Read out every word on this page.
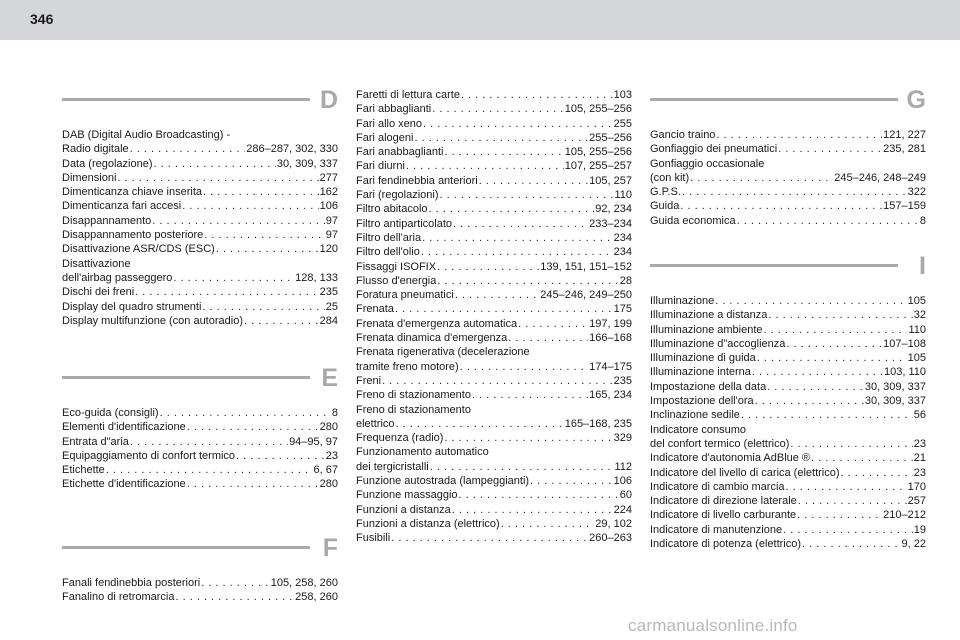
346
D
DAB (Digital Audio Broadcasting) -
Radio digitale . . .	286–287, 302, 330
Data (regolazione) . . .	30, 309, 337
Dimensioni . . .	277
Dimenticanza chiave inserita . . .	162
Dimenticanza fari accesi . . .	106
Disappannamento . . .	97
Disappannamento posteriore . . .	97
Disattivazione ASR/CDS (ESC) . . .	120
Disattivazione
dell'airbag passeggero . . .	128, 133
Dischi dei freni . . .	235
Display del quadro strumenti . . .	25
Display multifunzione (con autoradio) . . .	284
E
Eco-guida (consigli) . . .	8
Elementi d'identificazione . . .	280
Entrata d"aria . . .	94–95, 97
Equipaggiamento di confort termico . . .	23
Etichette . . .	6, 67
Etichette d'identificazione . . .	280
F
Fanali fendinebbia posteriori . . .	105, 258, 260
Fanalino di retromarcia . . .	258, 260
Faretti di lettura carte . . .	103
Fari abbaglianti . . .	105, 255–256
Fari allo xeno . . .	255
Fari alogeni . . .	255–256
Fari anabbaglianti . . .	105, 255–256
Fari diurni . . .	107, 255–257
Fari fendinebbia anteriori . . .	105, 257
Fari (regolazioni) . . .	110
Filtro abitacolo . . .	92, 234
Filtro antiparticolato . . .	233–234
Filtro dell'aria . . .	234
Filtro dell'olio . . .	234
Fissaggi ISOFIX . . .	139, 151, 151–152
Flusso d'energia . . .	28
Foratura pneumatici . . .	245–246, 249–250
Frenata . . .	175
Frenata d'emergenza automatica . . .	197, 199
Frenata dinamica d'emergenza . . .	166–168
Frenata rigenerativa (decelerazione
tramite freno motore) . . .	174–175
Freni . . .	235
Freno di stazionamento . . .	165, 234
Freno di stazionamento
elettrico . . .	165–168, 235
Frequenza (radio) . . .	329
Funzionamento automatico
dei tergicristalli . . .	112
Funzione autostrada (lampeggianti) . . .	106
Funzione massaggio . . .	60
Funzioni a distanza . . .	224
Funzioni a distanza (elettrico) . . .	29, 102
Fusibili . . .	260–263
G
Gancio traino . . .	121, 227
Gonfiaggio dei pneumatici . . .	235, 281
Gonfiaggio occasionale
(con kit) . . .	245–246, 248–249
G.P.S. . . .	322
Guida . . .	157–159
Guida economica . . .	8
I
Illuminazione . . .	105
Illuminazione a distanza . . .	32
Illuminazione ambiente . . .	110
Illuminazione d"accoglienza . . .	107–108
Illuminazione di guida . . .	105
Illuminazione interna . . .	103, 110
Impostazione della data . . .	30, 309, 337
Impostazione dell'ora . . .	30, 309, 337
Inclinazione sedile . . .	56
Indicatore consumo
del confort termico (elettrico) . . .	23
Indicatore d'autonomia AdBlue ® . . .	21
Indicatore del livello di carica (elettrico) . . .	23
Indicatore di cambio marcia . . .	170
Indicatore di direzione laterale . . .	257
Indicatore di livello carburante . . .	210–212
Indicatore di manutenzione . . .	19
Indicatore di potenza (elettrico) . . .	9, 22
carmanualsonline.info
